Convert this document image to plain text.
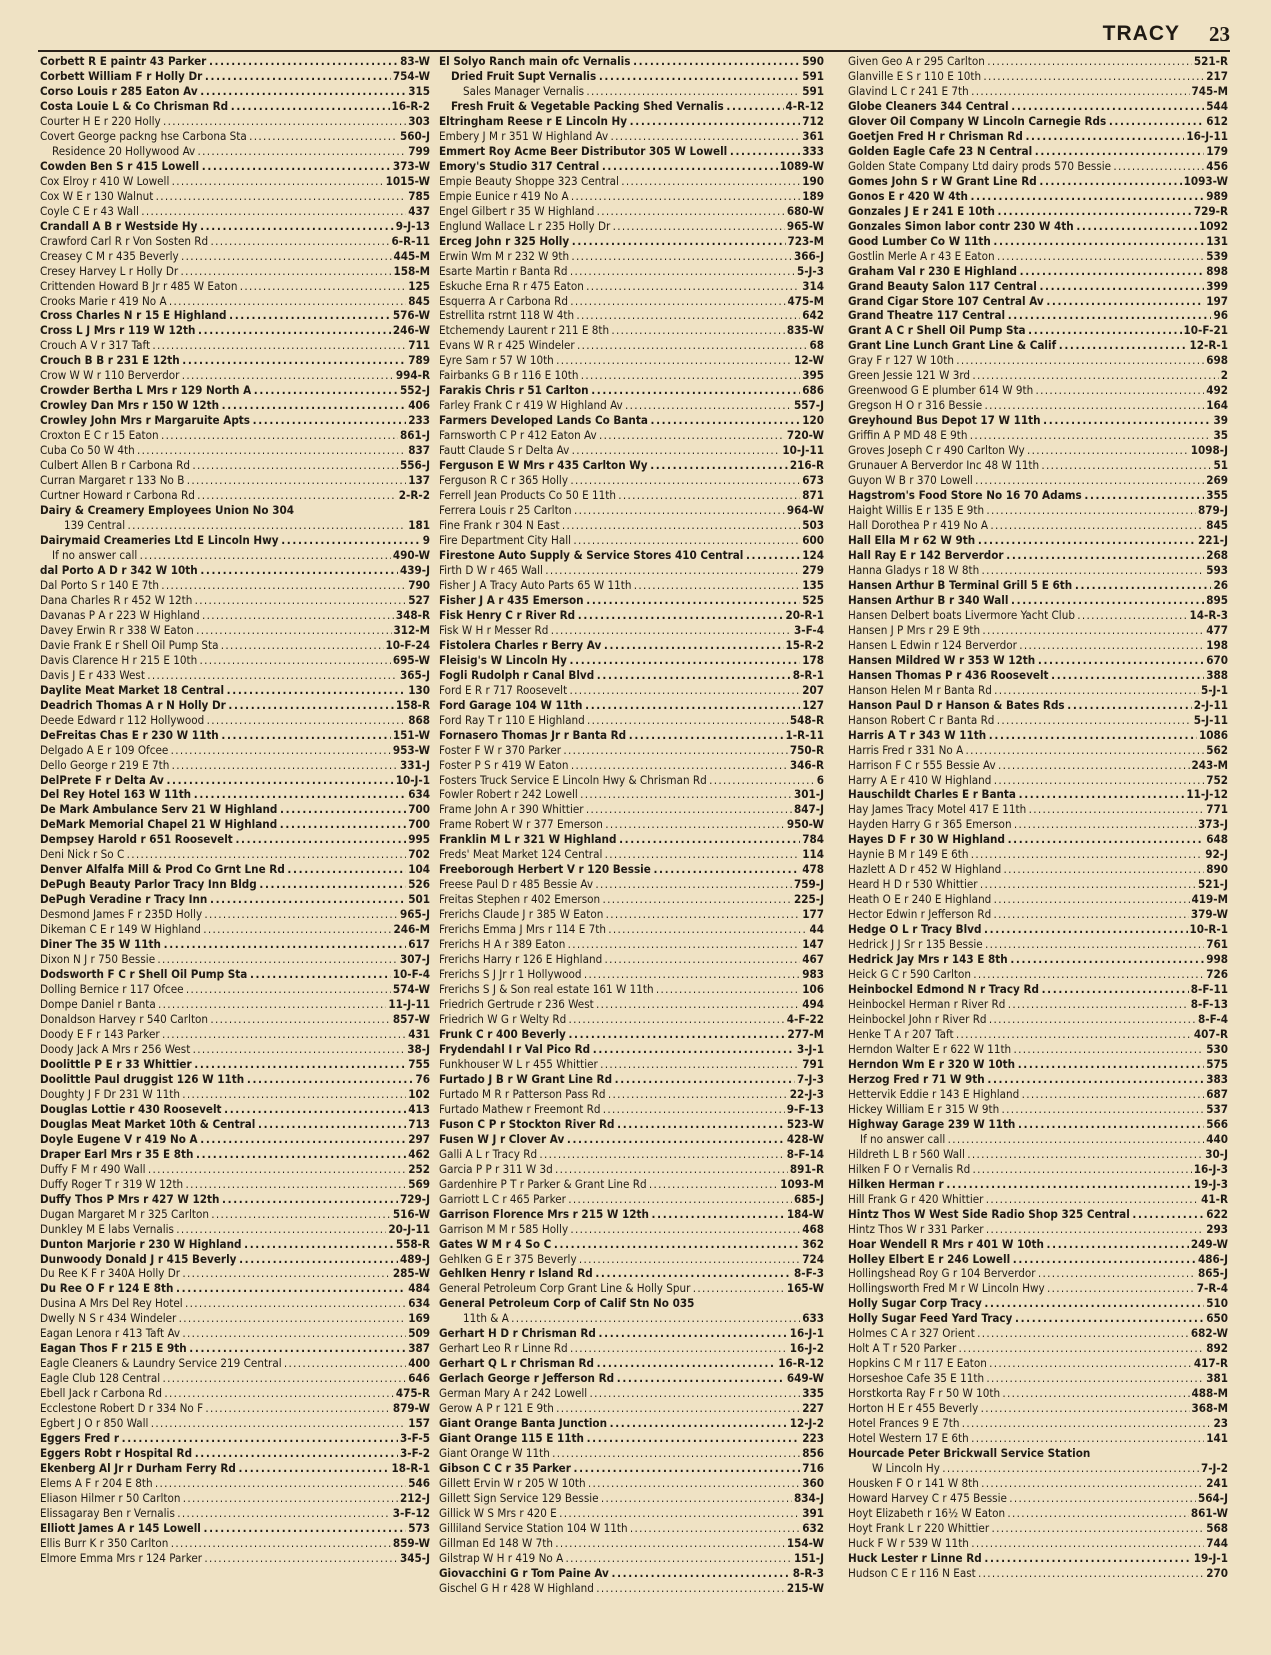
TRACY 23
Corbett R E paintr 43 Parker . . .	83-W
Corbett William F r Holly Dr . . .	754-W
Corso Louis r 285 Eaton Av . . .	315
Costa Louie L & Co Chrisman Rd . . .	16-R-2
Courter H E r 220 Holly . . .	303
Covert George packng hse Carbona Sta . . .	560-J
Residence 20 Hollywood Av . . .	799
Cowden Ben S r 415 Lowell . . .	373-W
Cox Elroy r 410 W Lowell . . .	1015-W
Cox W E r 130 Walnut . . .	785
Coyle C E r 43 Wall . . .	437
Crandall A B r Westside Hy . . .	9-J-13
Crawford Carl R r Von Sosten Rd . . .	6-R-11
Creasey C M r 435 Beverly . . .	445-M
Cresey Harvey L r Holly Dr . . .	158-M
Crittenden Howard B Jr r 485 W Eaton . . .	125
Crooks Marie r 419 No A . . .	845
Cross Charles N r 15 E Highland . . .	576-W
Cross L J Mrs r 119 W 12th . . .	246-W
Crouch A V r 317 Taft . . .	711
Crouch B B r 231 E 12th . . .	789
Crow W W r 110 Berverdor . . .	994-R
Crowder Bertha L Mrs r 129 North A . . .	552-J
Crowley Dan Mrs r 150 W 12th . . .	406
Crowley John Mrs r Margaruite Apts . . .	233
Croxton E C r 15 Eaton . . .	861-J
Cuba Co 50 W 4th . . .	837
Culbert Allen B r Carbona Rd . . .	556-J
Curran Margaret r 133 No B . . .	137
Curtner Howard r Carbona Rd . . .	2-R-2
Dairy & Creamery Employees Union No 304
139 Central . . .	181
Dairymaid Creameries Ltd E Lincoln Hwy . . .	9
If no answer call . . .	490-W
dal Porto A D r 342 W 10th . . .	439-J
Dal Porto S r 140 E 7th . . .	790
Dana Charles R r 452 W 12th . . .	527
Davanas P A r 223 W Highland . . .	348-R
Davey Erwin R r 338 W Eaton . . .	312-M
Davie Frank E r Shell Oil Pump Sta . . .	10-F-24
Davis Clarence H r 215 E 10th . . .	695-W
Davis J E r 433 West . . .	365-J
Daylite Meat Market 18 Central . . .	130
Deadrich Thomas A r N Holly Dr . . .	158-R
Deede Edward r 112 Hollywood . . .	868
DeFreitas Chas E r 230 W 11th . . .	151-W
Delgado A E r 109 Ofcee . . .	953-W
Dello George r 219 E 7th . . .	331-J
DelPrete F r Delta Av . . .	10-J-1
Del Rey Hotel 163 W 11th . . .	634
De Mark Ambulance Serv 21 W Highland . . .	700
DeMark Memorial Chapel 21 W Highland . . .	700
Dempsey Harold r 651 Roosevelt . . .	995
Deni Nick r So C . . .	702
Denver Alfalfa Mill & Prod Co Grnt Lne Rd . . .	104
DePugh Beauty Parlor Tracy Inn Bldg . . .	526
DePugh Veradine r Tracy Inn . . .	501
Desmond James F r 235D Holly . . .	965-J
Dikeman C E r 149 W Highland . . .	246-M
Diner The 35 W 11th . . .	617
Dixon N J r 750 Bessie . . .	307-J
Dodsworth F C r Shell Oil Pump Sta . . .	10-F-4
Dolling Bernice r 117 Ofcee . . .	574-W
Dompe Daniel r Banta . . .	11-J-11
Donaldson Harvey r 540 Carlton . . .	857-W
Doody E F r 143 Parker . . .	431
Doody Jack A Mrs r 256 West . . .	38-J
Doolittle P E r 33 Whittier . . .	755
Doolittle Paul druggist 126 W 11th . . .	76
Doughty J F Dr 231 W 11th . . .	102
Douglas Lottie r 430 Roosevelt . . .	413
Douglas Meat Market 10th & Central . . .	713
Doyle Eugene V r 419 No A . . .	297
Draper Earl Mrs r 35 E 8th . . .	462
Duffy F M r 490 Wall . . .	252
Duffy Roger T r 319 W 12th . . .	569
Duffy Thos P Mrs r 427 W 12th . . .	729-J
Dugan Margaret M r 325 Carlton . . .	516-W
Dunkley M E labs Vernalis . . .	20-J-11
Dunton Marjorie r 230 W Highland . . .	558-R
Dunwoody Donald J r 415 Beverly . . .	489-J
Du Ree K F r 340A Holly Dr . . .	285-W
Du Ree O F r 124 E 8th . . .	484
Dusina A Mrs Del Rey Hotel . . .	634
Dwelly N S r 434 Windeler . . .	169
Eagan Lenora r 413 Taft Av . . .	509
Eagan Thos F r 215 E 9th . . .	387
Eagle Cleaners & Laundry Service 219 Central . . .	400
Eagle Club 128 Central . . .	646
Ebell Jack r Carbona Rd . . .	475-R
Ecclestone Robert D r 334 No F . . .	879-W
Egbert J O r 850 Wall . . .	157
Eggers Fred r . . .	3-F-5
Eggers Robt r Hospital Rd . . .	3-F-2
Ekenberg Al Jr r Durham Ferry Rd . . .	18-R-1
Elems A F r 204 E 8th . . .	546
Eliason Hilmer r 50 Carlton . . .	212-J
Elissagaray Ben r Vernalis . . .	3-F-12
Elliott James A r 145 Lowell . . .	573
Ellis Burr K r 350 Carlton . . .	859-W
Elmore Emma Mrs r 124 Parker . . .	345-J
El Solyo Ranch main ofc Vernalis . . .	590
Dried Fruit Supt Vernalis . . .	591
Sales Manager Vernalis . . .	591
Fresh Fruit & Vegetable Packing Shed Vernalis . . .	4-R-12
Eltringham Reese r E Lincoln Hy . . .	712
Embery J M r 351 W Highland Av . . .	361
Emmert Roy Acme Beer Distributor 305 W Lowell . . .	333
Emory's Studio 317 Central . . .	1089-W
Empie Beauty Shoppe 323 Central . . .	190
Empie Eunice r 419 No A . . .	189
Engel Gilbert r 35 W Highland . . .	680-W
Englund Wallace L r 235 Holly Dr . . .	965-W
Erceg John r 325 Holly . . .	723-M
Erwin Wm M r 232 W 9th . . .	366-J
Esarte Martin r Banta Rd . . .	5-J-3
Eskuche Erna R r 475 Eaton . . .	314
Esquerra A r Carbona Rd . . .	475-M
Estrellita rstrnt 118 W 4th . . .	642
Etchemendy Laurent r 211 E 8th . . .	835-W
Evans W R r 425 Windeler . . .	68
Eyre Sam r 57 W 10th . . .	12-W
Fairbanks G B r 116 E 10th . . .	395
Farakis Chris r 51 Carlton . . .	686
Farley Frank C r 419 W Highland Av . . .	557-J
Farmers Developed Lands Co Banta . . .	120
Farnsworth C P r 412 Eaton Av . . .	720-W
Fautt Claude S r Delta Av . . .	10-J-11
Ferguson E W Mrs r 435 Carlton Wy . . .	216-R
Ferguson R C r 365 Holly . . .	673
Ferrell Jean Products Co 50 E 11th . . .	871
Ferrera Louis r 25 Carlton . . .	964-W
Fine Frank r 304 N East . . .	503
Fire Department City Hall . . .	600
Firestone Auto Supply & Service Stores 410 Central . . .	124
Firth D W r 465 Wall . . .	279
Fisher J A Tracy Auto Parts 65 W 11th . . .	135
Fisher J A r 435 Emerson . . .	525
Fisk Henry C r River Rd . . .	20-R-1
Fisk W H r Messer Rd . . .	3-F-4
Fistolera Charles r Berry Av . . .	15-R-2
Fleisig's W Lincoln Hy . . .	178
Fogli Rudolph r Canal Blvd . . .	8-R-1
Ford E R r 717 Roosevelt . . .	207
Ford Garage 104 W 11th . . .	127
Ford Ray T r 110 E Highland . . .	548-R
Fornasero Thomas Jr r Banta Rd . . .	1-R-11
Foster F W r 370 Parker . . .	750-R
Foster P S r 419 W Eaton . . .	346-R
Fosters Truck Service E Lincoln Hwy & Chrisman Rd . . .	6
Fowler Robert r 242 Lowell . . .	301-J
Frame John A r 390 Whittier . . .	847-J
Frame Robert W r 377 Emerson . . .	950-W
Franklin M L r 321 W Highland . . .	784
Freds' Meat Market 124 Central . . .	114
Freeborough Herbert V r 120 Bessie . . .	478
Freese Paul D r 485 Bessie Av . . .	759-J
Freitas Stephen r 402 Emerson . . .	225-J
Frerichs Claude J r 385 W Eaton . . .	177
Frerichs Emma J Mrs r 114 E 7th . . .	44
Frerichs H A r 389 Eaton . . .	147
Frerichs Harry r 126 E Highland . . .	467
Frerichs S J Jr r 1 Hollywood . . .	983
Frerichs S J & Son real estate 161 W 11th . . .	106
Friedrich Gertrude r 236 West . . .	494
Friedrich W G r Welty Rd . . .	4-F-22
Frunk C r 400 Beverly . . .	277-M
Frydendahl I r Val Pico Rd . . .	3-J-1
Funkhouser W L r 455 Whittier . . .	791
Furtado J B r W Grant Line Rd . . .	7-J-3
Furtado M R r Patterson Pass Rd . . .	22-J-3
Furtado Mathew r Freemont Rd . . .	9-F-13
Fuson C P r Stockton River Rd . . .	523-W
Fusen W J r Clover Av . . .	428-W
Galli A L r Tracy Rd . . .	8-F-14
Garcia P P r 311 W 3d . . .	891-R
Gardenhire P T r Parker & Grant Line Rd . . .	1093-M
Garriott L C r 465 Parker . . .	685-J
Garrison Florence Mrs r 215 W 12th . . .	184-W
Garrison M M r 585 Holly . . .	468
Gates W M r 4 So C . . .	362
Gehlken G E r 375 Beverly . . .	724
Gehlken Henry r Island Rd . . .	8-F-3
General Petroleum Corp Grant Line & Holly Spur . . .	165-W
General Petroleum Corp of Calif Stn No 035
11th & A . . .	633
Gerhart H D r Chrisman Rd . . .	16-J-1
Gerhart Leo R r Linne Rd . . .	16-J-2
Gerhart Q L r Chrisman Rd . . .	16-R-12
Gerlach George r Jefferson Rd . . .	649-W
German Mary A r 242 Lowell . . .	335
Gerow A P r 121 E 9th . . .	227
Giant Orange Banta Junction . . .	12-J-2
Giant Orange 115 E 11th . . .	223
Giant Orange W 11th . . .	856
Gibson C C r 35 Parker . . .	716
Gillett Ervin W r 205 W 10th . . .	360
Gillett Sign Service 129 Bessie . . .	834-J
Gillick W S Mrs r 420 E . . .	391
Gilliland Service Station 104 W 11th . . .	632
Gillman Ed 148 W 7th . . .	154-W
Gilstrap W H r 419 No A . . .	151-J
Giovacchini G r Tom Paine Av . . .	8-R-3
Gischel G H r 428 W Highland . . .	215-W
Given Geo A r 295 Carlton . . .	521-R
Glanville E S r 110 E 10th . . .	217
Glavind L C r 241 E 7th . . .	745-M
Globe Cleaners 344 Central . . .	544
Glover Oil Company W Lincoln Carnegie Rds . . .	612
Goetjen Fred H r Chrisman Rd . . .	16-J-11
Golden Eagle Cafe 23 N Central . . .	179
Golden State Company Ltd dairy prods 570 Bessie . . .	456
Gomes John S r W Grant Line Rd . . .	1093-W
Gonos E r 420 W 4th . . .	989
Gonzales J E r 241 E 10th . . .	729-R
Gonzales Simon labor contr 230 W 4th . . .	1092
Good Lumber Co W 11th . . .	131
Gostlin Merle A r 43 E Eaton . . .	539
Graham Val r 230 E Highland . . .	898
Grand Beauty Salon 117 Central . . .	399
Grand Cigar Store 107 Central Av . . .	197
Grand Theatre 117 Central . . .	96
Grant A C r Shell Oil Pump Sta . . .	10-F-21
Grant Line Lunch Grant Line & Calif . . .	12-R-1
Gray F r 127 W 10th . . .	698
Green Jessie 121 W 3rd . . .	2
Greenwood G E plumber 614 W 9th . . .	492
Gregson H O r 316 Bessie . . .	164
Greyhound Bus Depot 17 W 11th . . .	39
Griffin A P MD 48 E 9th . . .	35
Groves Joseph C r 490 Carlton Wy . . .	1098-J
Grunauer A Berverdor Inc 48 W 11th . . .	51
Guyon W B r 370 Lowell . . .	269
Hagstrom's Food Store No 16 70 Adams . . .	355
Haight Willis E r 135 E 9th . . .	879-J
Hall Dorothea P r 419 No A . . .	845
Hall Ella M r 62 W 9th . . .	221-J
Hall Ray E r 142 Berverdor . . .	268
Hanna Gladys r 18 W 8th . . .	593
Hansen Arthur B Terminal Grill 5 E 6th . . .	26
Hansen Arthur B r 340 Wall . . .	895
Hansen Delbert boats Livermore Yacht Club . . .	14-R-3
Hansen J P Mrs r 29 E 9th . . .	477
Hansen L Edwin r 124 Berverdor . . .	198
Hansen Mildred W r 353 W 12th . . .	670
Hansen Thomas P r 436 Roosevelt . . .	388
Hanson Helen M r Banta Rd . . .	5-J-1
Hanson Paul D r Hanson & Bates Rds . . .	2-J-11
Hanson Robert C r Banta Rd . . .	5-J-11
Harris A T r 343 W 11th . . .	1086
Harris Fred r 331 No A . . .	562
Harrison F C r 555 Bessie Av . . .	243-M
Harry A E r 410 W Highland . . .	752
Hauschildt Charles E r Banta . . .	11-J-12
Hay James Tracy Motel 417 E 11th . . .	771
Hayden Harry G r 365 Emerson . . .	373-J
Hayes D F r 30 W Highland . . .	648
Haynie B M r 149 E 6th . . .	92-J
Hazlett A D r 452 W Highland . . .	890
Heard H D r 530 Whittier . . .	521-J
Heath O E r 240 E Highland . . .	419-M
Hector Edwin r Jefferson Rd . . .	379-W
Hedge O L r Tracy Blvd . . .	10-R-1
Hedrick J J Sr r 135 Bessie . . .	761
Hedrick Jay Mrs r 143 E 8th . . .	998
Heick G C r 590 Carlton . . .	726
Heinbockel Edmond N r Tracy Rd . . .	8-F-11
Heinbockel Herman r River Rd . . .	8-F-13
Heinbockel John r River Rd . . .	8-F-4
Henke T A r 207 Taft . . .	407-R
Herndon Walter E r 622 W 11th . . .	530
Herndon Wm E r 320 W 10th . . .	575
Herzog Fred r 71 W 9th . . .	383
Hettervik Eddie r 143 E Highland . . .	687
Hickey William E r 315 W 9th . . .	537
Highway Garage 239 W 11th . . .	566
If no answer call . . .	440
Hildreth L B r 560 Wall . . .	30-J
Hilken F O r Vernalis Rd . . .	16-J-3
Hilken Herman r . . .	19-J-3
Hill Frank G r 420 Whittier . . .	41-R
Hintz Thos W West Side Radio Shop 325 Central . . .	622
Hintz Thos W r 331 Parker . . .	293
Hoar Wendell R Mrs r 401 W 10th . . .	249-W
Holley Elbert E r 246 Lowell . . .	486-J
Hollingshead Roy G r 104 Berverdor . . .	865-J
Hollingsworth Fred M r W Lincoln Hwy . . .	7-R-4
Holly Sugar Corp Tracy . . .	510
Holly Sugar Feed Yard Tracy . . .	650
Holmes C A r 327 Orient . . .	682-W
Holt A T r 520 Parker . . .	892
Hopkins C M r 117 E Eaton . . .	417-R
Horseshoe Cafe 35 E 11th . . .	381
Horstkorta Ray F r 50 W 10th . . .	488-M
Horton H E r 455 Beverly . . .	368-M
Hotel Frances 9 E 7th . . .	23
Hotel Western 17 E 6th . . .	141
Hourcade Peter Brickwall Service Station
W Lincoln Hy . . .	7-J-2
Housken F O r 141 W 8th . . .	241
Howard Harvey C r 475 Bessie . . .	564-J
Hoyt Elizabeth r 16½ W Eaton . . .	861-W
Hoyt Frank L r 220 Whittier . . .	568
Huck F W r 539 W 11th . . .	744
Huck Lester r Linne Rd . . .	19-J-1
Hudson C E r 116 N East . . .	270
